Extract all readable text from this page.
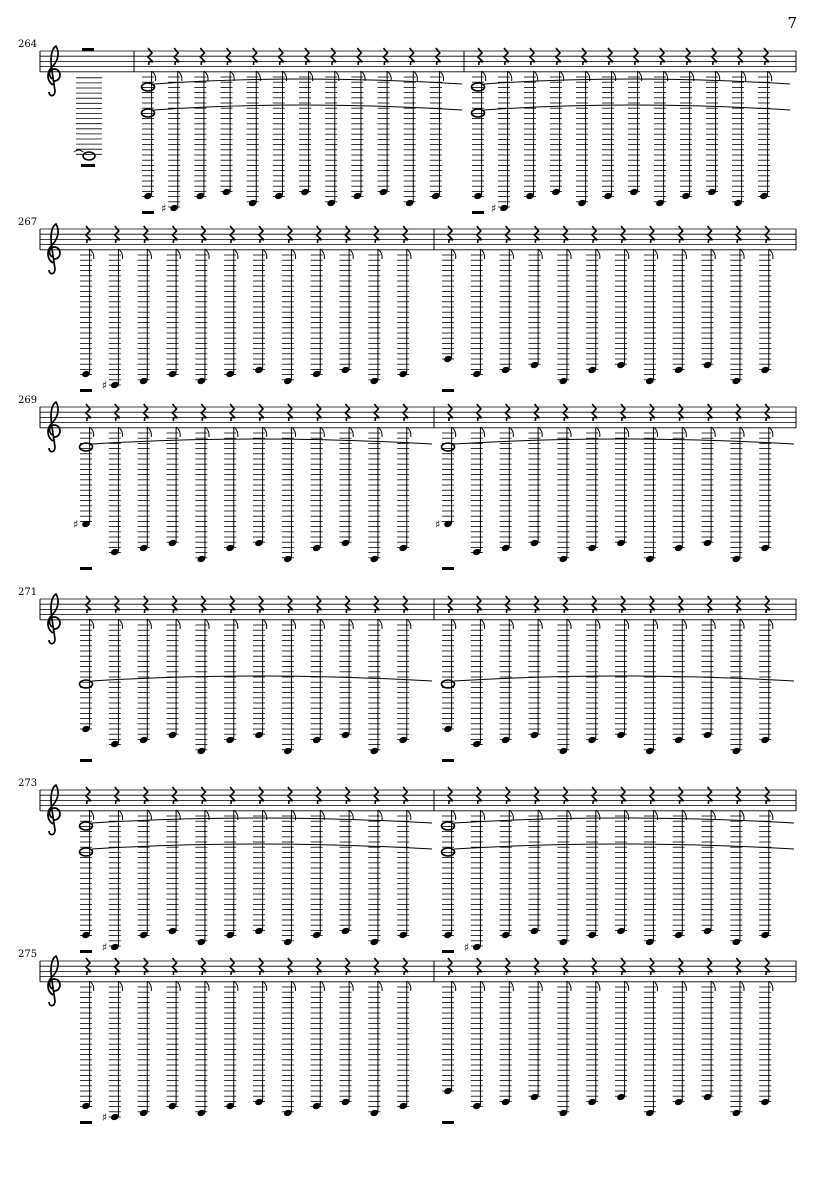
7
264
♯	♯
267
♯
269
♯	♯
271
273
♯	♯
275
♯
